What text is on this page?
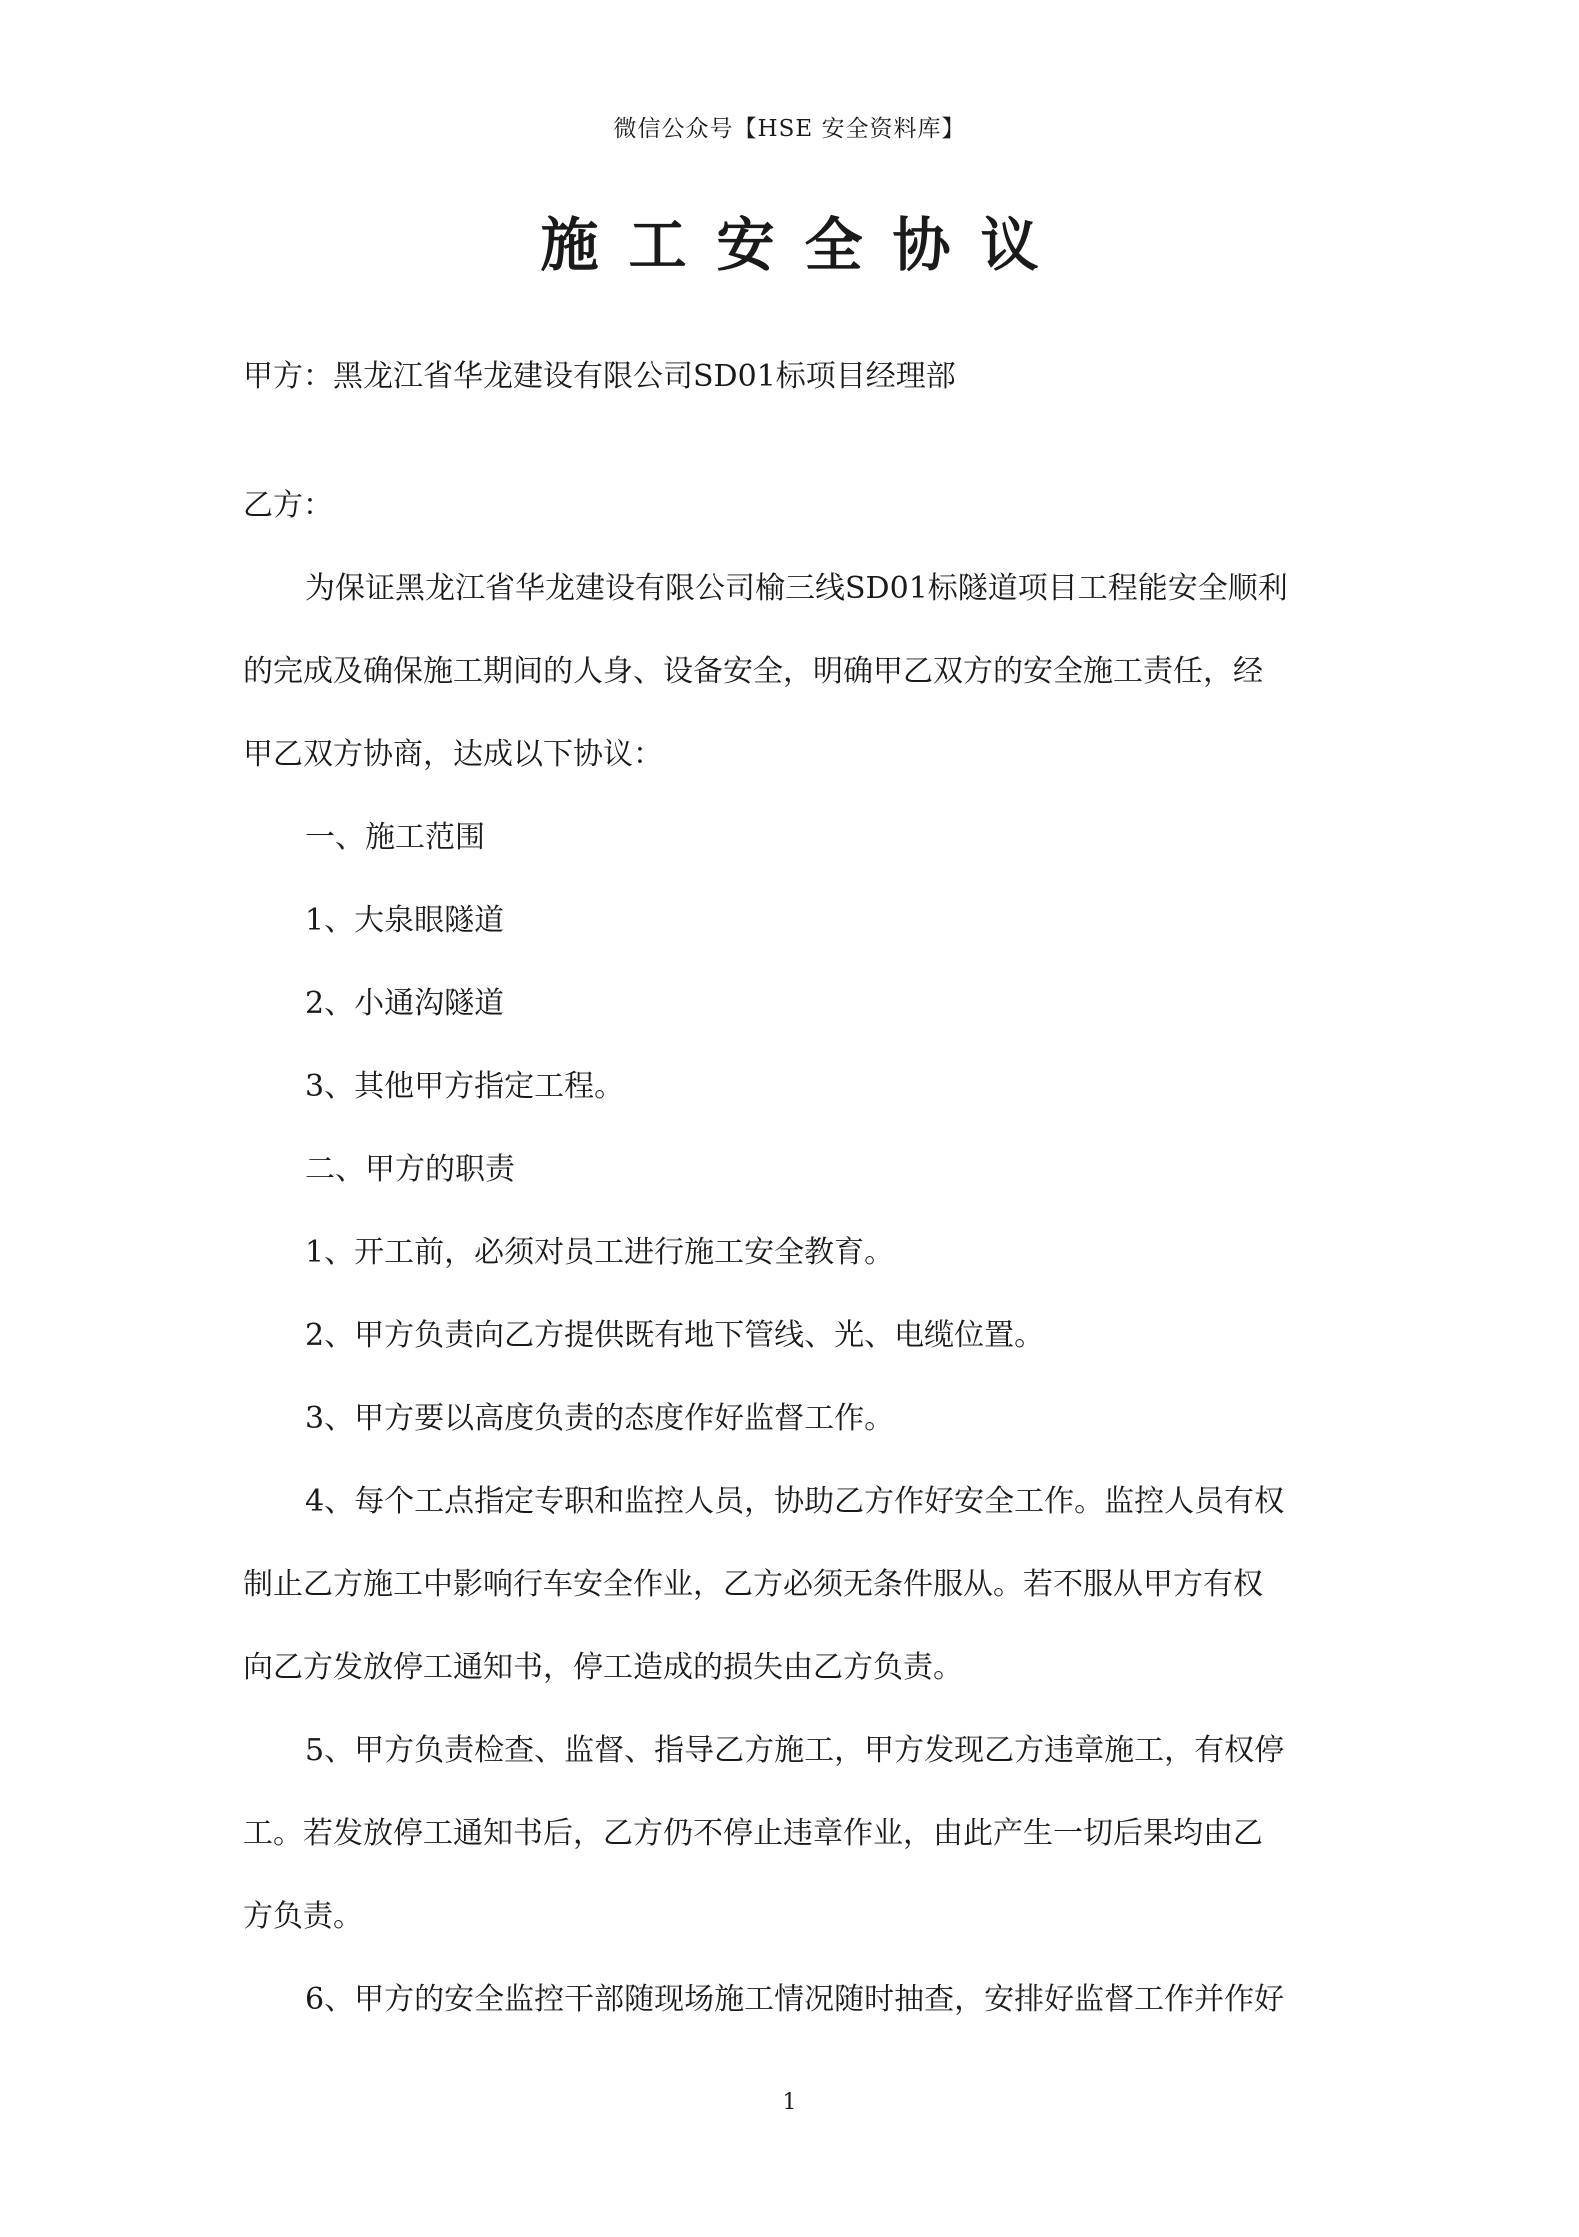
微信公众号【HSE 安全资料库】
施工安全协议
甲方：黑龙江省华龙建设有限公司SD01标项目经理部
乙方：
为保证黑龙江省华龙建设有限公司榆三线SD01标隧道项目工程能安全顺利
的完成及确保施工期间的人身、设备安全，明确甲乙双方的安全施工责任，经
甲乙双方协商，达成以下协议：
一、施工范围
1、大泉眼隧道
2、小通沟隧道
3、其他甲方指定工程。
二、甲方的职责
1、开工前，必须对员工进行施工安全教育。
2、甲方负责向乙方提供既有地下管线、光、电缆位置。
3、甲方要以高度负责的态度作好监督工作。
4、每个工点指定专职和监控人员，协助乙方作好安全工作。监控人员有权
制止乙方施工中影响行车安全作业，乙方必须无条件服从。若不服从甲方有权
向乙方发放停工通知书，停工造成的损失由乙方负责。
5、甲方负责检查、监督、指导乙方施工，甲方发现乙方违章施工，有权停
工。若发放停工通知书后，乙方仍不停止违章作业，由此产生一切后果均由乙
方负责。
6、甲方的安全监控干部随现场施工情况随时抽查，安排好监督工作并作好
1
